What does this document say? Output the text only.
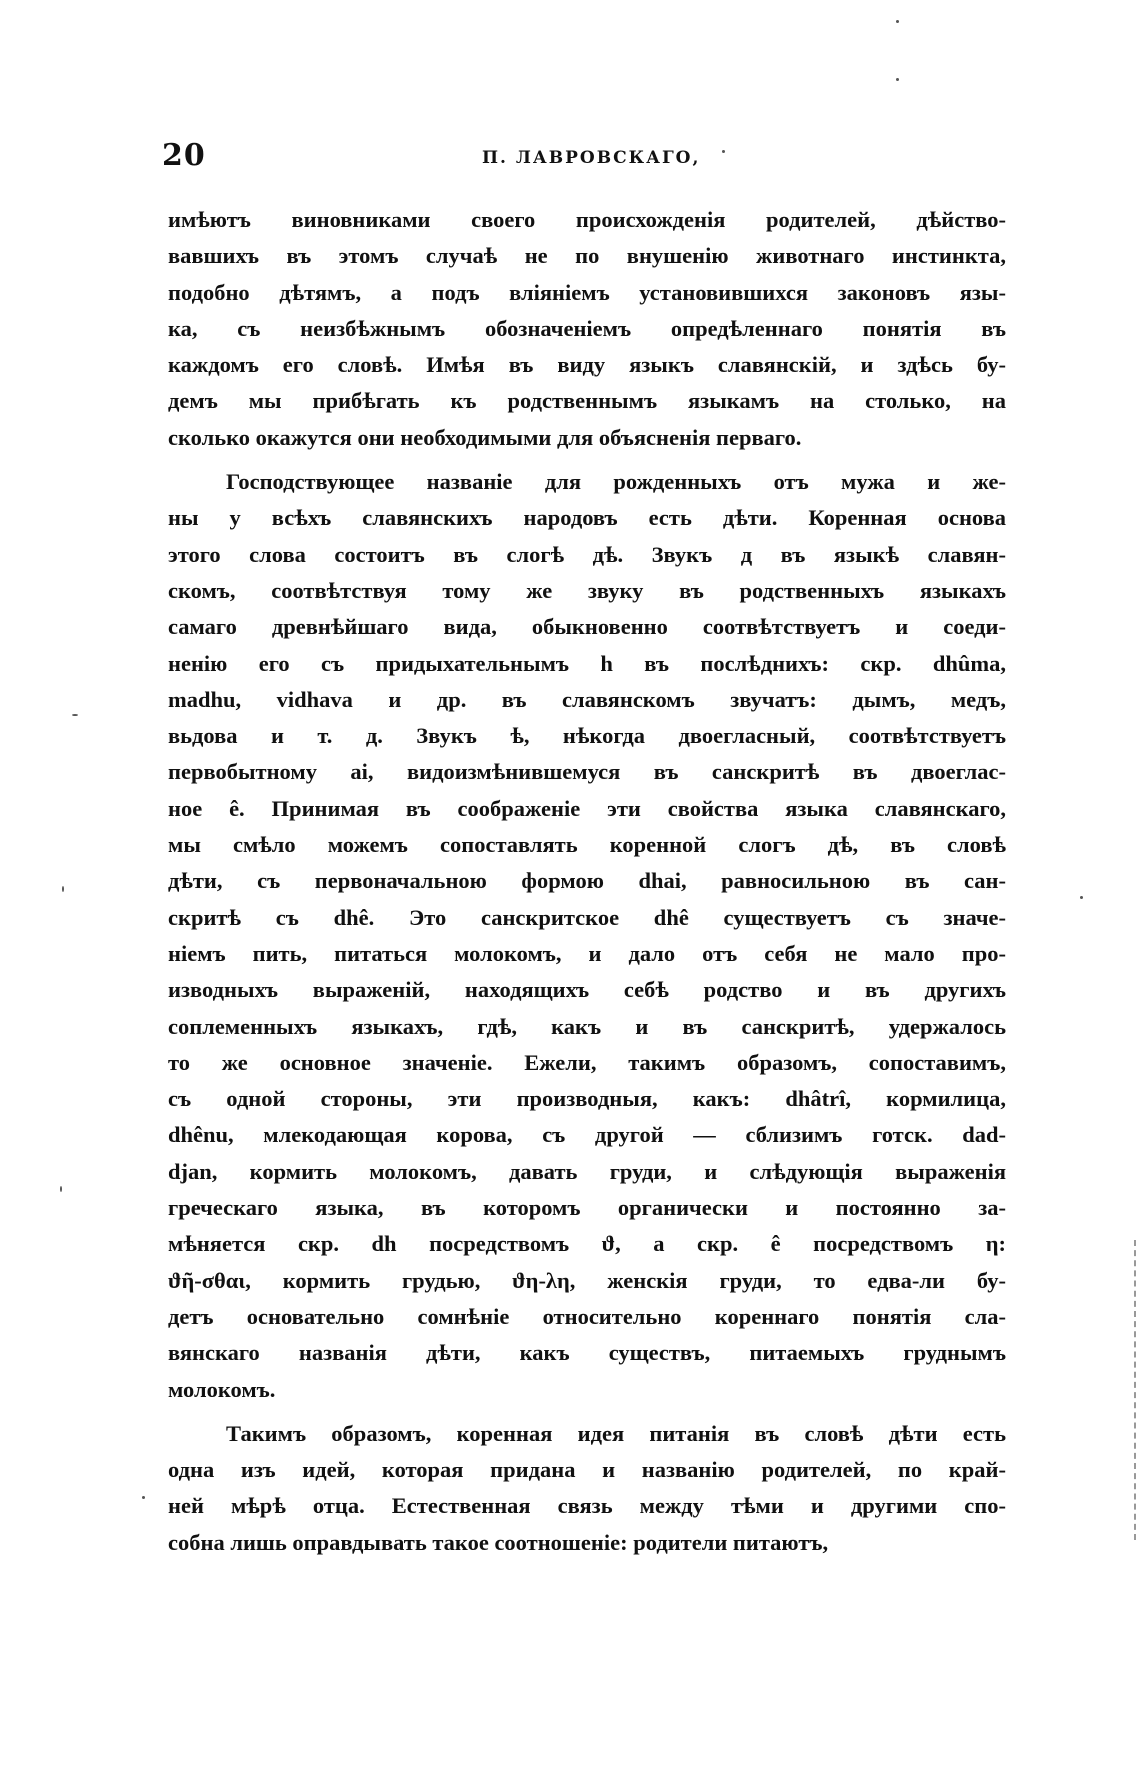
20	П. ЛАВРОВСКАГО,
имѣютъ виновниками своего происхожденія родителей, дѣйство-
вавшихъ въ этомъ случаѣ не по внушенію животнаго инстинкта,
подобно дѣтямъ, а подъ вліяніемъ установившихся законовъ язы-
ка, съ неизбѣжнымъ обозначеніемъ опредѣленнаго понятія въ
каждомъ его словѣ. Имѣя въ виду языкъ славянскій, и здѣсь бу-
демъ мы прибѣгать къ родственнымъ языкамъ на столько, на
сколько окажутся они необходимыми для объясненія перваго.
Господствующее названіе для рожденныхъ отъ мужа и же-
ны у всѣхъ славянскихъ народовъ есть дѣти. Коренная основа
этого слова состоитъ въ слогѣ дѣ. Звукъ д въ языкѣ славян-
скомъ, соотвѣтствуя тому же звуку въ родственныхъ языкахъ
самаго древнѣйшаго вида, обыкновенно соотвѣтствуетъ и соеди-
ненію его съ придыхательнымъ h въ послѣднихъ: скр. dhûma,
madhu, vidhava и др. въ славянскомъ звучатъ: дымъ, медъ,
вьдова и т. д. Звукъ ѣ, нѣкогда двоегласный, соотвѣтствуетъ
первобытному ai, видоизмѣнившемуся въ санскритѣ въ двоеглас-
ное ê. Принимая въ соображеніе эти свойства языка славянскаго,
мы смѣло можемъ сопоставлять коренной слогъ дѣ, въ словѣ
дѣти, съ первоначальною формою dhai, равносильною въ сан-
скритѣ съ dhê. Это санскритское dhê существуетъ съ значе-
ніемъ пить, питаться молокомъ, и дало отъ себя не мало про-
изводныхъ выраженій, находящихъ себѣ родство и въ другихъ
соплеменныхъ языкахъ, гдѣ, какъ и въ санскритѣ, удержалось
то же основное значеніе. Ежели, такимъ образомъ, сопоставимъ,
съ одной стороны, эти производныя, какъ: dhâtrî, кормилица,
dhênu, млекодающая корова, съ другой — сблизимъ готск. dad-
djan, кормить молокомъ, давать груди, и слѣдующія выраженія
греческаго языка, въ которомъ органически и постоянно за-
мѣняется скр. dh посредствомъ ϑ, а скр. ê посредствомъ η:
ϑῆ-σθαι, кормить грудью, ϑη-λη, женскія груди, то едва-ли бу-
детъ основательно сомнѣніе относительно кореннаго понятія сла-
вянскаго названія дѣти, какъ существъ, питаемыхъ груднымъ
молокомъ.
Такимъ образомъ, коренная идея питанія въ словѣ дѣти есть
одна изъ идей, которая придана и названію родителей, по край-
ней мѣрѣ отца. Естественная связь между тѣми и другими спо-
собна лишь оправдывать такое соотношеніе: родители питаютъ,
